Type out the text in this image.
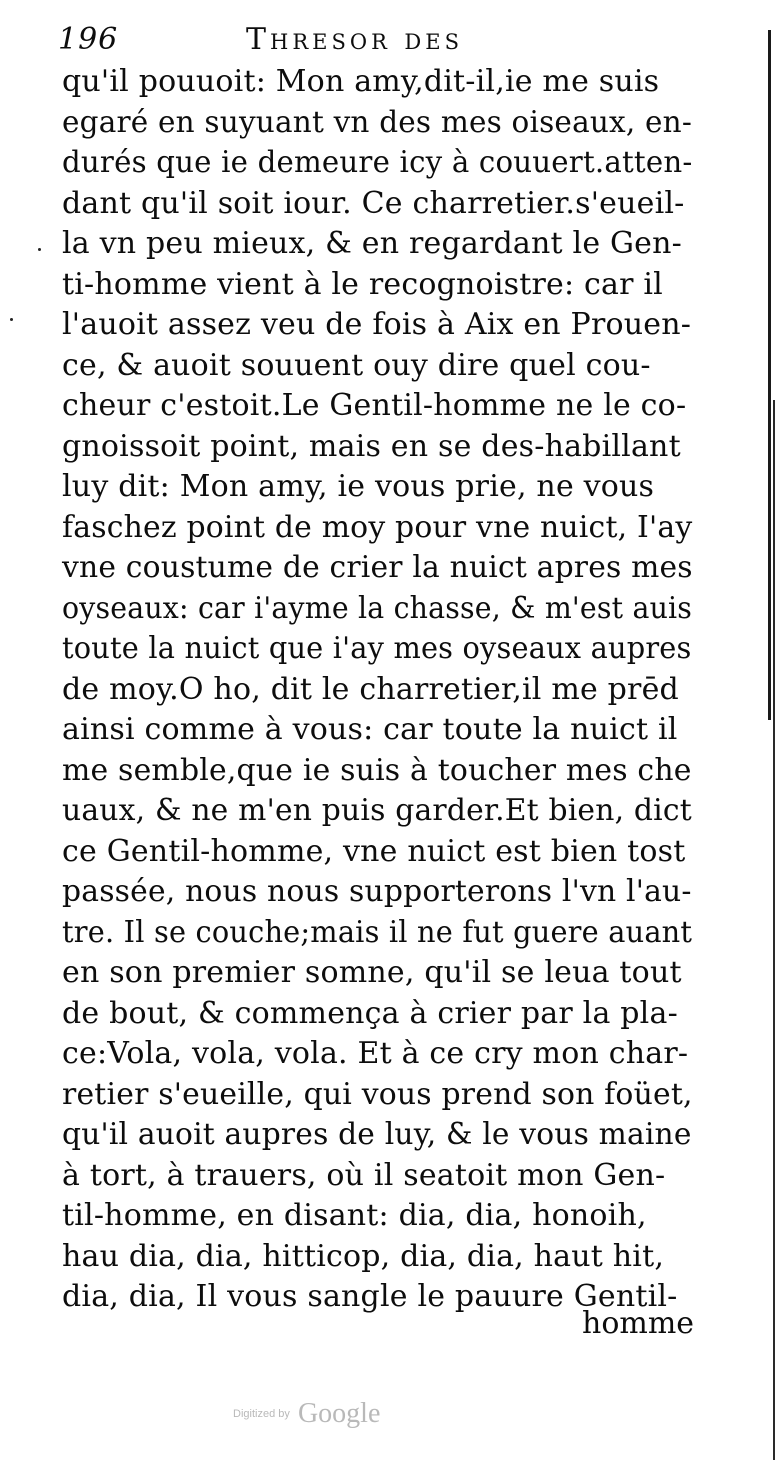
196	Thresor des
qu'il pouuoit: Mon amy,dit-il,ie me suis
egaré en suyuant vn des mes oiseaux, en-
durés que ie demeure icy à couuert.atten-
dant qu'il soit iour. Ce charretier.s'eueil-
la vn peu mieux, & en regardant le Gen-
ti-homme vient à le recognoistre: car il
l'auoit assez veu de fois à Aix en Prouen-
ce, & auoit souuent ouy dire quel cou-
cheur c'estoit.Le Gentil-homme ne le co-
gnoissoit point, mais en se des-habillant
luy dit: Mon amy, ie vous prie, ne vous
faschez point de moy pour vne nuict, I'ay
vne coustume de crier la nuict apres mes
oyseaux: car i'ayme la chasse, & m'est auis
toute la nuict que i'ay mes oyseaux aupres
de moy.O ho, dit le charretier,il me prēd
ainsi comme à vous: car toute la nuict il
me semble,que ie suis à toucher mes che
uaux, & ne m'en puis garder.Et bien, dict
ce Gentil-homme, vne nuict est bien tost
passée, nous nous supporterons l'vn l'au-
tre. Il se couche;mais il ne fut guere auant
en son premier somne, qu'il se leua tout
de bout, & commença à crier par la pla-
ce:Vola, vola, vola. Et à ce cry mon char-
retier s'eueille, qui vous prend son foüet,
qu'il auoit aupres de luy, & le vous maine
à tort, à trauers, où il seatoit mon Gen-
til-homme, en disant: dia, dia, honoih,
hau dia, dia, hitticop, dia, dia, haut hit,
dia, dia, Il vous sangle le pauure Gentil-
homme
Digitized by Google
